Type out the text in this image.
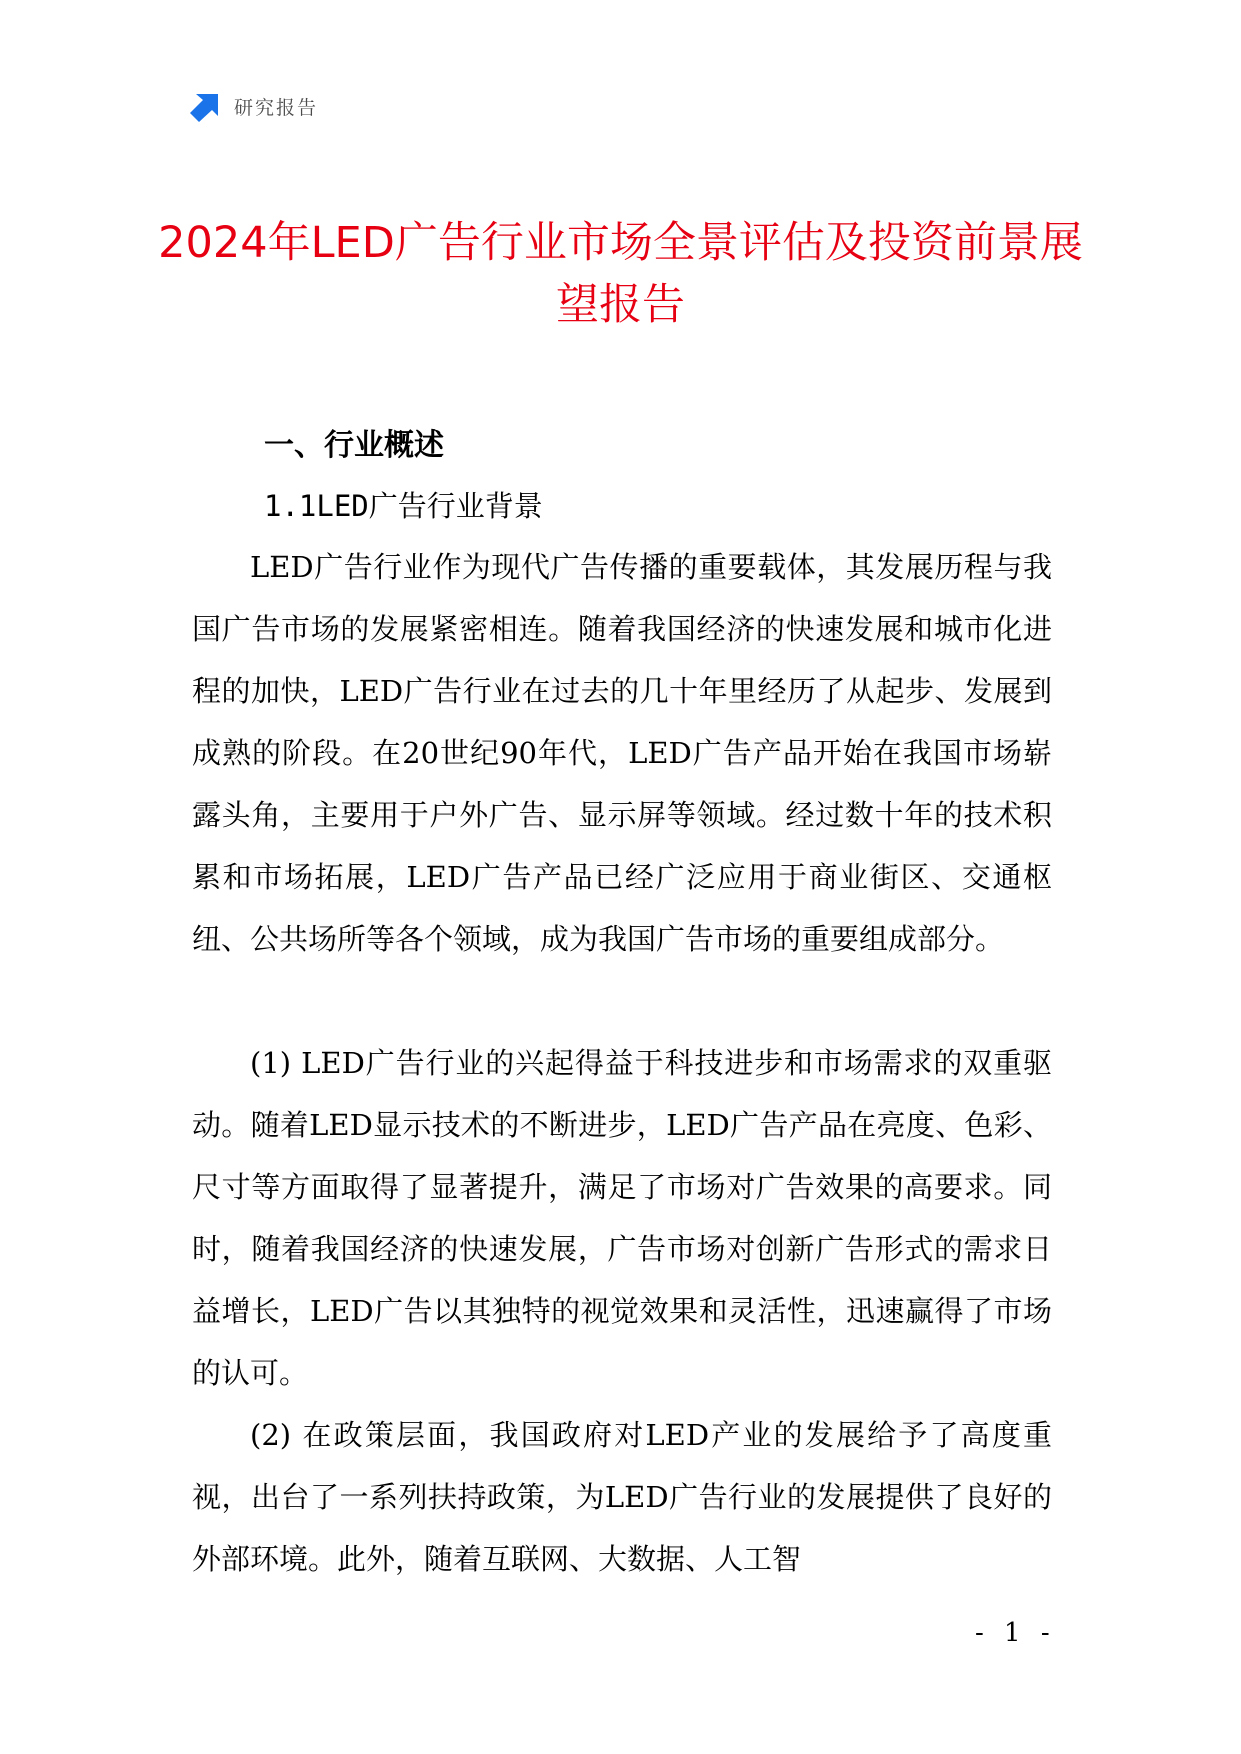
研究报告
2024年LED广告行业市场全景评估及投资前景展望报告
一、行业概述
1.1LED广告行业背景

LED广告行业作为现代广告传播的重要载体，其发展历程与我国广告市场的发展紧密相连。随着我国经济的快速发展和城市化进程的加快，LED广告行业在过去的几十年里经历了从起步、发展到成熟的阶段。在20世纪90年代，LED广告产品开始在我国市场崭露头角，主要用于户外广告、显示屏等领域。经过数十年的技术积累和市场拓展，LED广告产品已经广泛应用于商业街区、交通枢纽、公共场所等各个领域，成为我国广告市场的重要组成部分。

(1) LED广告行业的兴起得益于科技进步和市场需求的双重驱动。随着LED显示技术的不断进步，LED广告产品在亮度、色彩、尺寸等方面取得了显著提升，满足了市场对广告效果的高要求。同时，随着我国经济的快速发展，广告市场对创新广告形式的需求日益增长，LED广告以其独特的视觉效果和灵活性，迅速赢得了市场的认可。

(2) 在政策层面，我国政府对LED产业的发展给予了高度重视，出台了一系列扶持政策，为LED广告行业的发展提供了良好的外部环境。此外，随着互联网、大数据、人工智

- 1 -
